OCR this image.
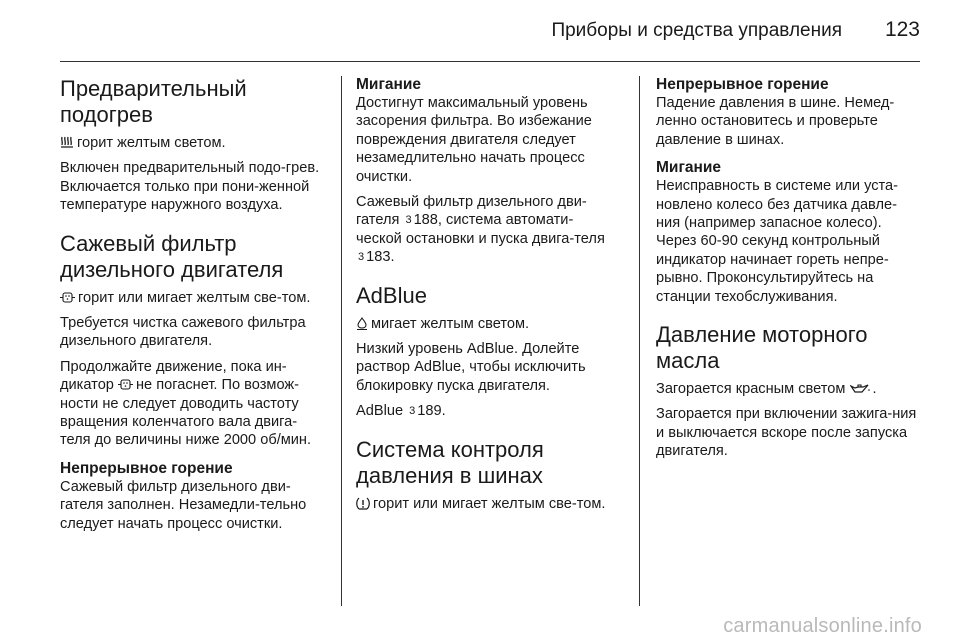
Приборы и средства управления 123
Предварительный
подогрев

горит желтым светом.

Включен предварительный подо-грев. Включается только при пони-женной температуре наружного воздуха.

Сажевый фильтр
дизельного двигателя

горит или мигает желтым све-том.

Требуется чистка сажевого фильтра дизельного двигателя.

Продолжайте движение, пока ин-дикатор не погаснет. По возмож-ности не следует доводить частоту вращения коленчатого вала двига-теля до величины ниже 2000 об/мин.

Непрерывное горение

Сажевый фильтр дизельного дви-гателя заполнен. Незамедли-тельно следует начать процесс очистки.

Мигание

Достигнут максимальный уровень засорения фильтра. Во избежание повреждения двигателя следует незамедлительно начать процесс очистки.

Сажевый фильтр дизельного дви-гателя 3 188, система автомати-ческой остановки и пуска двига-теля 3 183.

AdBlue

мигает желтым светом.

Низкий уровень AdBlue. Долейте раствор AdBlue, чтобы исключить блокировку пуска двигателя.

AdBlue 3 189.

Система контроля
давления в шинах

горит или мигает желтым све-том.

Непрерывное горение

Падение давления в шине. Немед-ленно остановитесь и проверьте давление в шинах.

Мигание

Неисправность в системе или уста-новлено колесо без датчика давле-ния (например запасное колесо). Через 60-90 секунд контрольный индикатор начинает гореть непре-рывно. Проконсультируйтесь на станции техобслуживания.

Давление моторного
масла

Загорается красным светом .

Загорается при включении зажига-ния и выключается вскоре после запуска двигателя.

carmanualsonline.info
